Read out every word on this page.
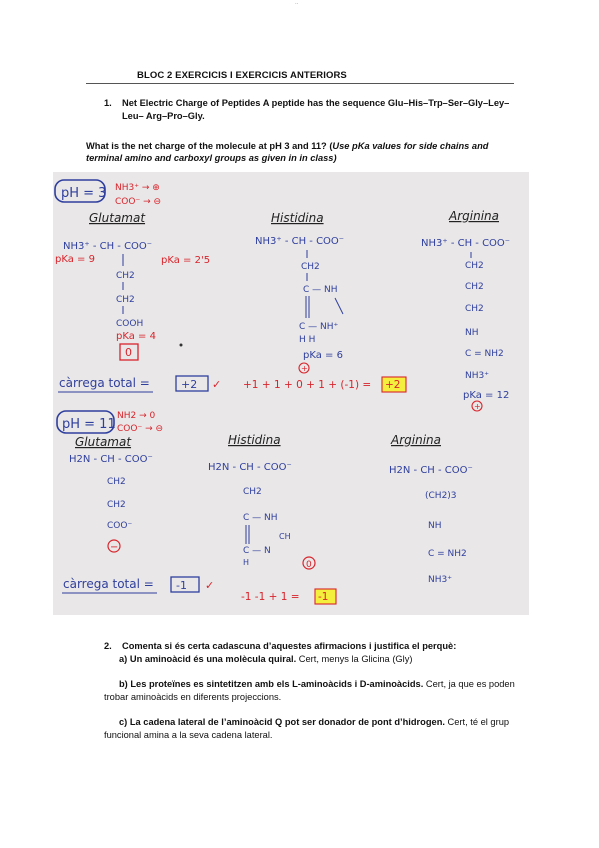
..
BLOC 2 EXERCICIS I EXERCICIS ANTERIORS
1.	Net Electric Charge of Peptides A peptide has the sequence Glu–His–Trp–Ser–Gly–Ley–Leu– Arg–Pro–Gly.
What is the net charge of the molecule at pH 3 and 11? (Use pKa values for side chains and terminal amino and carboxyl groups as given in in class)
pH = 3 NH3⁺ → ⊕
COO⁻ → ⊖
Glutamat	Histidina	Arginina
NH3⁺ - CH - COO⁻
pKa = 9	pKa = 2'5
CH2
CH2
COOH
pKa = 4
0
NH3⁺ - CH - COO⁻
CH2
C — NH
C — NH⁺
H H
pKa = 6
+
NH3⁺ - CH - COO⁻
CH2
CH2
CH2
NH
C = NH2
NH3⁺
pKa = 12
+
càrrega total =	+2 ✓ +1 + 1 + 0 + 1 + (-1) = +2
pH = 11
NH2 → 0
COO⁻ → ⊖
Glutamat	Histidina	Arginina
H2N - CH - COO⁻
CH2
CH2
COO⁻
−
H2N - CH - COO⁻
CH2
C — NH
CH
C — N
H	0
H2N - CH - COO⁻
(CH2)3
NH
C = NH2
NH3⁺
càrrega total = -1 ✓
-1 -1 + 1 = -1
2.	Comenta si és certa cadascuna d’aquestes afirmacions i justifica el perquè:
a) Un aminoàcid és una molècula quiral. Cert, menys la Glicina (Gly)
b) Les proteïnes es sintetitzen amb els L-aminoàcids i D-aminoàcids. Cert, ja que es poden trobar aminoàcids en diferents projeccions.
c) La cadena lateral de l’aminoàcid Q pot ser donador de pont d’hidrogen. Cert, té el grup funcional amina a la seva cadena lateral.
